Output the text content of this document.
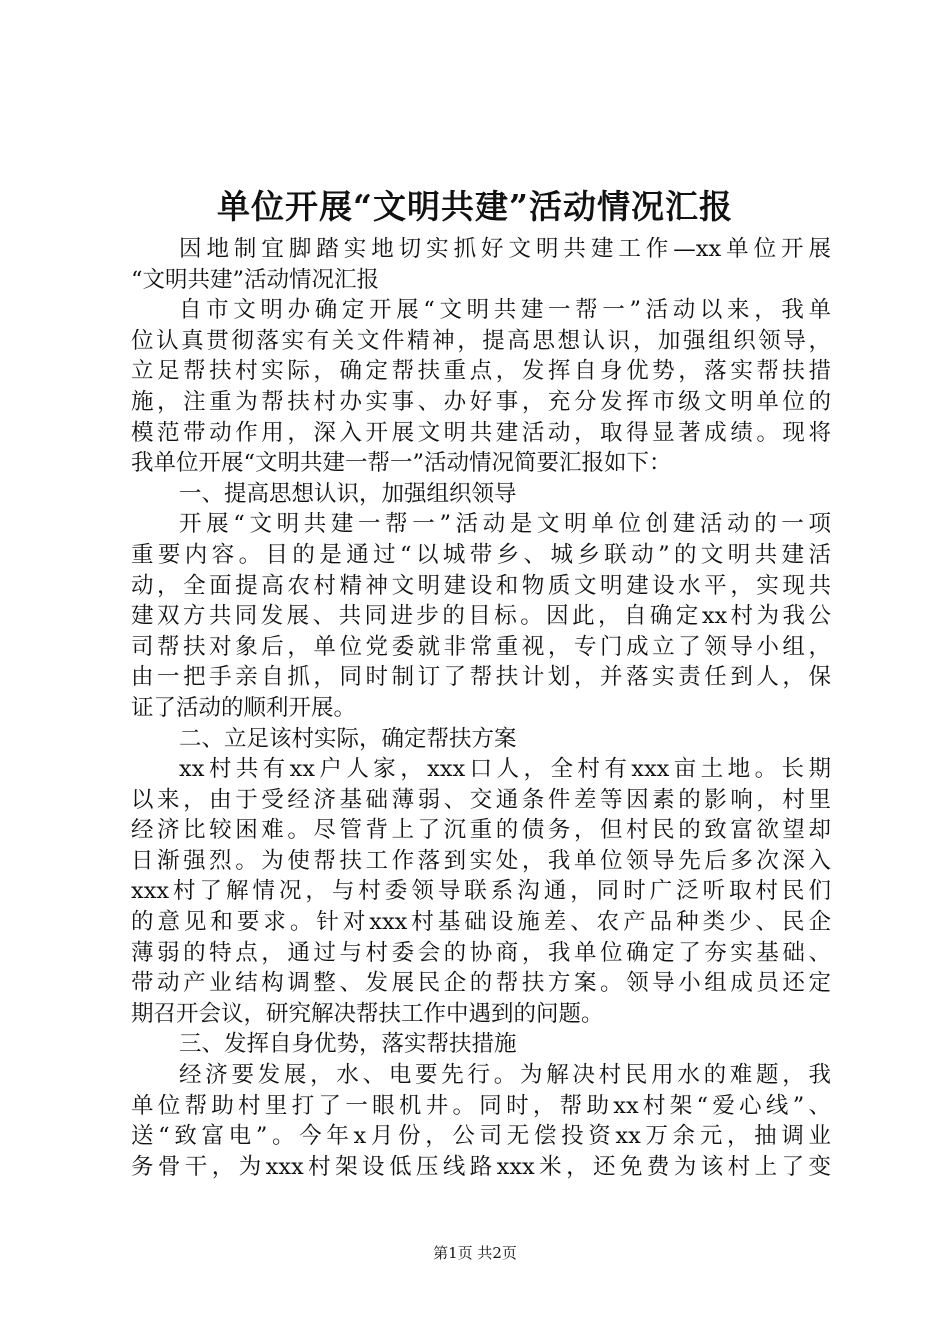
单位开展“文明共建”活动情况汇报
因地制宜脚踏实地切实抓好文明共建工作—xx单位开展
“文明共建”活动情况汇报
自市文明办确定开展“文明共建一帮一”活动以来，我单
位认真贯彻落实有关文件精神，提高思想认识，加强组织领导，
立足帮扶村实际，确定帮扶重点，发挥自身优势，落实帮扶措
施，注重为帮扶村办实事、办好事，充分发挥市级文明单位的
模范带动作用，深入开展文明共建活动，取得显著成绩。现将
我单位开展“文明共建一帮一”活动情况简要汇报如下：
一、提高思想认识，加强组织领导
开展“文明共建一帮一”活动是文明单位创建活动的一项
重要内容。目的是通过“以城带乡、城乡联动”的文明共建活
动，全面提高农村精神文明建设和物质文明建设水平，实现共
建双方共同发展、共同进步的目标。因此，自确定xx村为我公
司帮扶对象后，单位党委就非常重视，专门成立了领导小组，
由一把手亲自抓，同时制订了帮扶计划，并落实责任到人，保
证了活动的顺利开展。
二、立足该村实际，确定帮扶方案
xx村共有xx户人家，xxx口人，全村有xxx亩土地。长期
以来，由于受经济基础薄弱、交通条件差等因素的影响，村里
经济比较困难。尽管背上了沉重的债务，但村民的致富欲望却
日渐强烈。为使帮扶工作落到实处，我单位领导先后多次深入
xxx村了解情况，与村委领导联系沟通，同时广泛听取村民们
的意见和要求。针对xxx村基础设施差、农产品种类少、民企
薄弱的特点，通过与村委会的协商，我单位确定了夯实基础、
带动产业结构调整、发展民企的帮扶方案。领导小组成员还定
期召开会议，研究解决帮扶工作中遇到的问题。
三、发挥自身优势，落实帮扶措施
经济要发展，水、电要先行。为解决村民用水的难题，我
单位帮助村里打了一眼机井。同时，帮助xx村架“爱心线”、
送“致富电”。今年x月份，公司无偿投资xx万余元，抽调业
务骨干，为xxx村架设低压线路xxx米，还免费为该村上了变
第1页 共2页
